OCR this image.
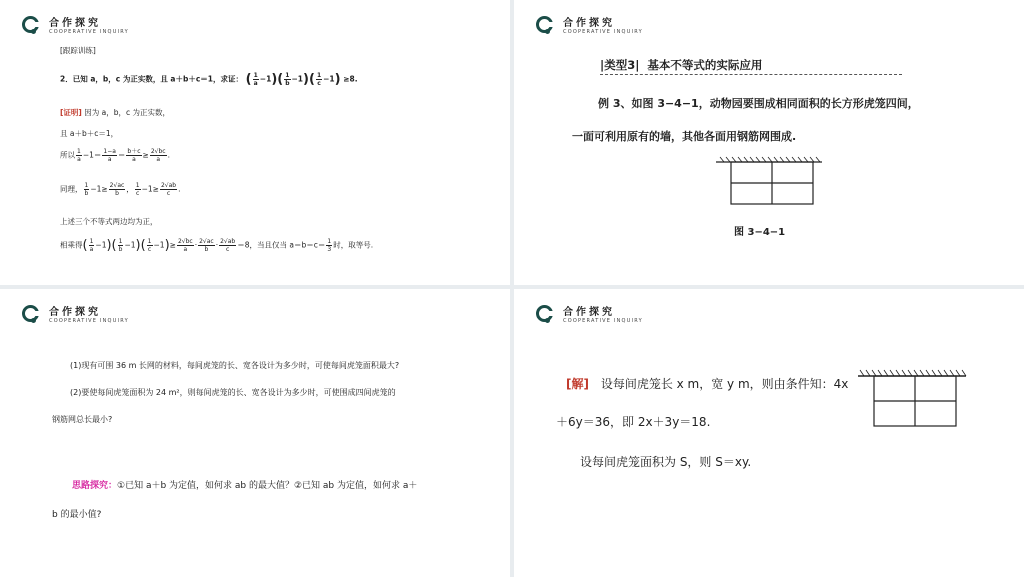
合作探究
COOPERATIVE INQUIRY
[跟踪训练]
2．已知 a，b，c 为正实数，且 a＋b＋c＝1，求证： ( $\frac{1}{a} -1)( \frac{1}{b} -1)( \frac{1}{c} -1) \ge 8$.
[证明] 因为 a，b，c 为正实数，
且 a＋b＋c＝1，
所以 $\frac{1}{a} -1= \frac{1-a}{a} = \frac{b+c}{a} \ge \frac{2√bc}{a}$ .
同理， $\frac{1}{b} -1\ge \frac{2√ac}{b}$ ， $\frac{1}{c} -1\ge \frac{2√ab}{c}$ .
上述三个不等式两边均为正，
相乘得( $\frac{1}{a} -1)( \frac{1}{b} -1)( \frac{1}{c} -1)\ge \frac{2√bc}{a} \cdot \frac{2√ac}{b} \cdot \frac{2√ab}{c} =8$，当且仅当 $a=b=c= \frac{1}{3}$ 时，取等号.
合作探究
COOPERATIVE INQUIRY
|类型3| 基本不等式的实际应用
例 3、如图 3−4−1，动物园要围成相同面积的长方形虎笼四间，
一面可利用原有的墙，其他各面用钢筋网围成.
图 3−4−1
合作探究
COOPERATIVE INQUIRY
(1)现有可围 36 m 长网的材料，每间虎笼的长、宽各设计为多少时，可使每间虎笼面积最大?
(2)要使每间虎笼面积为 24 m²，则每间虎笼的长、宽各设计为多少时，可使围成四间虎笼的
钢筋网总长最小?
思路探究：①已知 a＋b 为定值，如何求 ab 的最大值？②已知 ab 为定值，如何求 a＋
b 的最小值?
合作探究
COOPERATIVE INQUIRY
[解] 设每间虎笼长 x m，宽 y m，则由条件知：4x
＋6y＝36，即 2x＋3y＝18.
设每间虎笼面积为 S，则 S＝xy.
